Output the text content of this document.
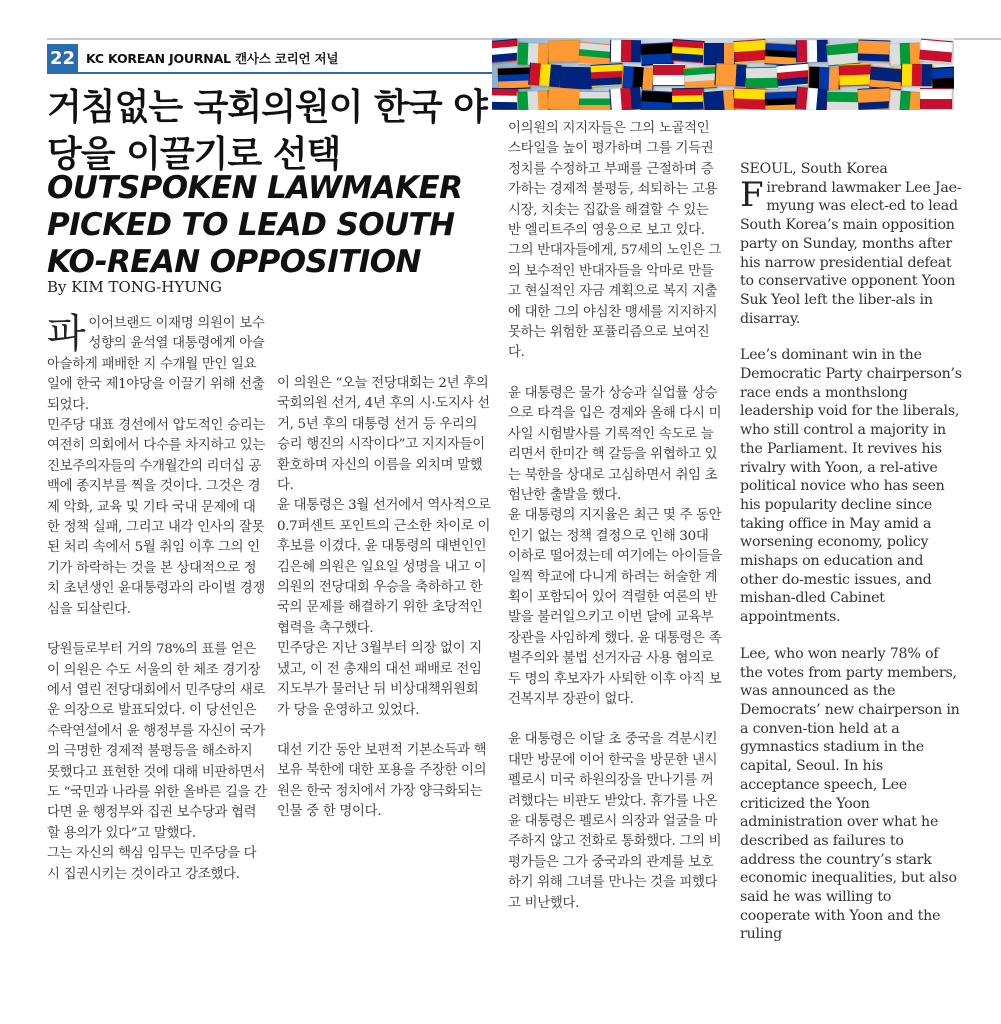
22 KC KOREAN JOURNAL 캔사스 코리언 저널
거침없는 국회의원이 한국 야당을 이끌기로 선택
OUTSPOKEN LAWMAKER PICKED TO LEAD SOUTH KO-REAN OPPOSITION
By KIM TONG-HYUNG

파이어브랜드 이재명 의원이 보수 성향의 윤석열 대통령에게 아슬아슬하게 패배한 지 수개월 만인 일요일에 한국 제1야당을 이끌기 위해 선출되었다.

민주당 대표 경선에서 압도적인 승리는 여전히 의회에서 다수를 차지하고 있는 진보주의자들의 수개월간의 리더십 공백에 종지부를 찍을 것이다. 그것은 경제 악화, 교육 및 기타 국내 문제에 대한 정책 실패, 그리고 내각 인사의 잘못된 처리 속에서 5월 취임 이후 그의 인기가 하락하는 것을 본 상대적으로 정치 초년생인 윤대통령과의 라이벌 경쟁심을 되살린다.

당원들로부터 거의 78%의 표를 얻은 이 의원은 수도 서울의 한 체조 경기장에서 열린 전당대회에서 민주당의 새로운 의장으로 발표되었다. 이 당선인은 수락연설에서 윤 행정부를 자신이 국가의 극명한 경제적 불평등을 해소하지 못했다고 표현한 것에 대해 비판하면서도 “국민과 나라를 위한 올바른 길을 간다면 윤 행정부와 집권 보수당과 협력할 용의가 있다”고 말했다.

그는 자신의 핵심 임무는 민주당을 다시 집권시키는 것이라고 강조했다.

이 의원은 “오늘 전당대회는 2년 후의 국회의원 선거, 4년 후의 시·도지사 선거, 5년 후의 대통령 선거 등 우리의 승리 행진의 시작이다”고 지지자들이 환호하며 자신의 이름을 외치며 말했다.

윤 대통령은 3월 선거에서 역사적으로 0.7퍼센트 포인트의 근소한 차이로 이 후보를 이겼다. 윤 대통령의 대변인인 김은혜 의원은 일요일 성명을 내고 이 의원의 전당대회 우승을 축하하고 한국의 문제를 해결하기 위한 초당적인 협력을 촉구했다.

민주당은 지난 3월부터 의장 없이 지냈고, 이 전 총재의 대선 패배로 전임 지도부가 물러난 뒤 비상대책위원회가 당을 운영하고 있었다.

대선 기간 동안 보편적 기본소득과 핵보유 북한에 대한 포용을 주장한 이의원은 한국 정치에서 가장 양극화되는 인물 중 한 명이다.

이의원의 지지자들은 그의 노골적인 스타일을 높이 평가하며 그를 기득권 정치를 수정하고 부패를 근절하며 증가하는 경제적 불평등, 쇠퇴하는 고용시장, 치솟는 집값을 해결할 수 있는 반 엘리트주의 영웅으로 보고 있다.

그의 반대자들에게, 57세의 노인은 그의 보수적인 반대자들을 악마로 만들고 현실적인 자금 계획으로 복지 지출에 대한 그의 야심찬 맹세를 지지하지 못하는 위험한 포퓰리즘으로 보여진다.

윤 대통령은 물가 상승과 실업률 상승으로 타격을 입은 경제와 올해 다시 미사일 시험발사를 기록적인 속도로 늘리면서 한미간 핵 갈등을 위협하고 있는 북한을 상대로 고심하면서 취임 초 험난한 출발을 했다.

윤 대통령의 지지율은 최근 몇 주 동안 인기 없는 정책 결정으로 인해 30대 이하로 떨어졌는데 여기에는 아이들을 일찍 학교에 다니게 하려는 허술한 계획이 포함되어 있어 격렬한 여론의 반발을 불러일으키고 이번 달에 교육부 장관을 사임하게 했다. 윤 대통령은 족벌주의와 불법 선거자금 사용 혐의로 두 명의 후보자가 사퇴한 이후 아직 보건복지부 장관이 없다.

윤 대통령은 이달 초 중국을 격분시킨 대만 방문에 이어 한국을 방문한 낸시 펠로시 미국 하원의장을 만나기를 꺼려했다는 비판도 받았다. 휴가를 나온 윤 대통령은 펠로시 의장과 얼굴을 마주하지 않고 전화로 통화했다. 그의 비평가들은 그가 중국과의 관계를 보호하기 위해 그녀를 만나는 것을 피했다고 비난했다.

SEOUL, South Korea

Firebrand lawmaker Lee Jae-myung was elect-ed to lead South Korea’s main opposition party on Sunday, months after his narrow presidential defeat to conservative opponent Yoon Suk Yeol left the liber-als in disarray.

Lee’s dominant win in the Democratic Party chairperson’s race ends a monthslong leadership void for the liberals, who still control a majority in the Parliament. It revives his rivalry with Yoon, a rel-ative political novice who has seen his popularity decline since taking office in May amid a worsening economy, policy mishaps on education and other do-mestic issues, and mishan-dled Cabinet appointments.

Lee, who won nearly 78% of the votes from party members, was announced as the Democrats’ new chairperson in a conven-tion held at a gymnastics stadium in the capital, Seoul. In his acceptance speech, Lee criticized the Yoon administration over what he described as failures to address the country’s stark economic inequalities, but also said he was willing to cooperate with Yoon and the ruling
